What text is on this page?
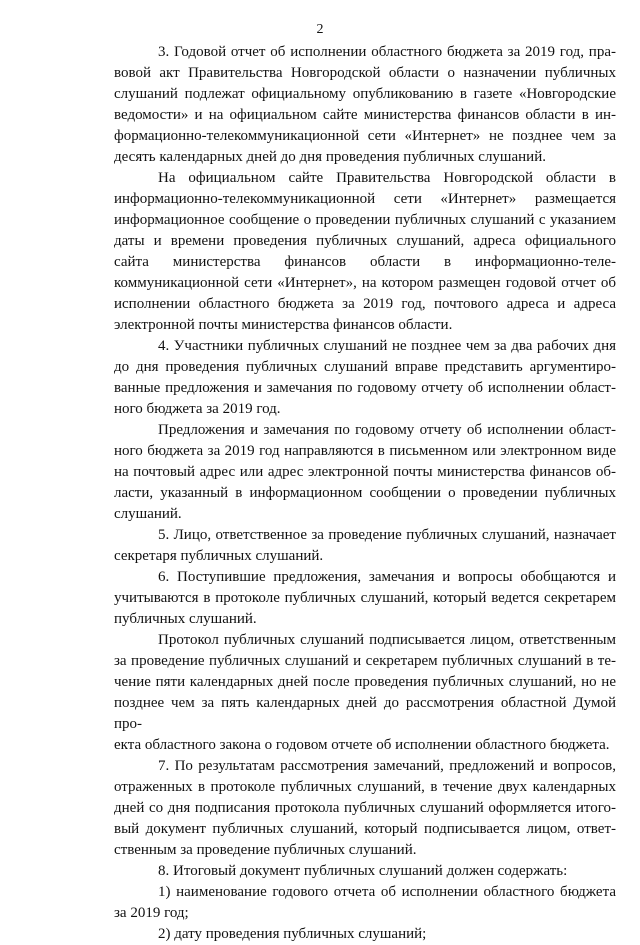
2

3. Годовой отчет об исполнении областного бюджета за 2019 год, пра-
вовой акт Правительства Новгородской области о назначении публичных
слушаний подлежат официальному опубликованию в газете «Новгородские
ведомости» и на официальном сайте министерства финансов области в ин-
формационно-телекоммуникационной сети «Интернет» не позднее чем за
десять календарных дней до дня проведения публичных слушаний.

На официальном сайте Правительства Новгородской области в
информационно-телекоммуникационной сети «Интернет» размещается
информационное сообщение о проведении публичных слушаний с указанием
даты и времени проведения публичных слушаний, адреса официального
сайта министерства финансов области в информационно-теле-
коммуникационной сети «Интернет», на котором размещен годовой отчет об
исполнении областного бюджета за 2019 год, почтового адреса и адреса
электронной почты министерства финансов области.

4. Участники публичных слушаний не позднее чем за два рабочих дня
до дня проведения публичных слушаний вправе представить аргументиро-
ванные предложения и замечания по годовому отчету об исполнении област-
ного бюджета за 2019 год.

Предложения и замечания по годовому отчету об исполнении област-
ного бюджета за 2019 год направляются в письменном или электронном виде
на почтовый адрес или адрес электронной почты министерства финансов об-
ласти, указанный в информационном сообщении о проведении публичных
слушаний.

5. Лицо, ответственное за проведение публичных слушаний, назначает
секретаря публичных слушаний.

6. Поступившие предложения, замечания и вопросы обобщаются и
учитываются в протоколе публичных слушаний, который ведется секретарем
публичных слушаний.

Протокол публичных слушаний подписывается лицом, ответственным
за проведение публичных слушаний и секретарем публичных слушаний в те-
чение пяти календарных дней после проведения публичных слушаний, но не
позднее чем за пять календарных дней до рассмотрения областной Думой про-
екта областного закона о годовом отчете об исполнении областного бюджета.

7. По результатам рассмотрения замечаний, предложений и вопросов,
отраженных в протоколе публичных слушаний, в течение двух календарных
дней со дня подписания протокола публичных слушаний оформляется итого-
вый документ публичных слушаний, который подписывается лицом, ответ-
ственным за проведение публичных слушаний.

8. Итоговый документ публичных слушаний должен содержать:

1) наименование годового отчета об исполнении областного бюджета
за 2019 год;

2) дату проведения публичных слушаний;
